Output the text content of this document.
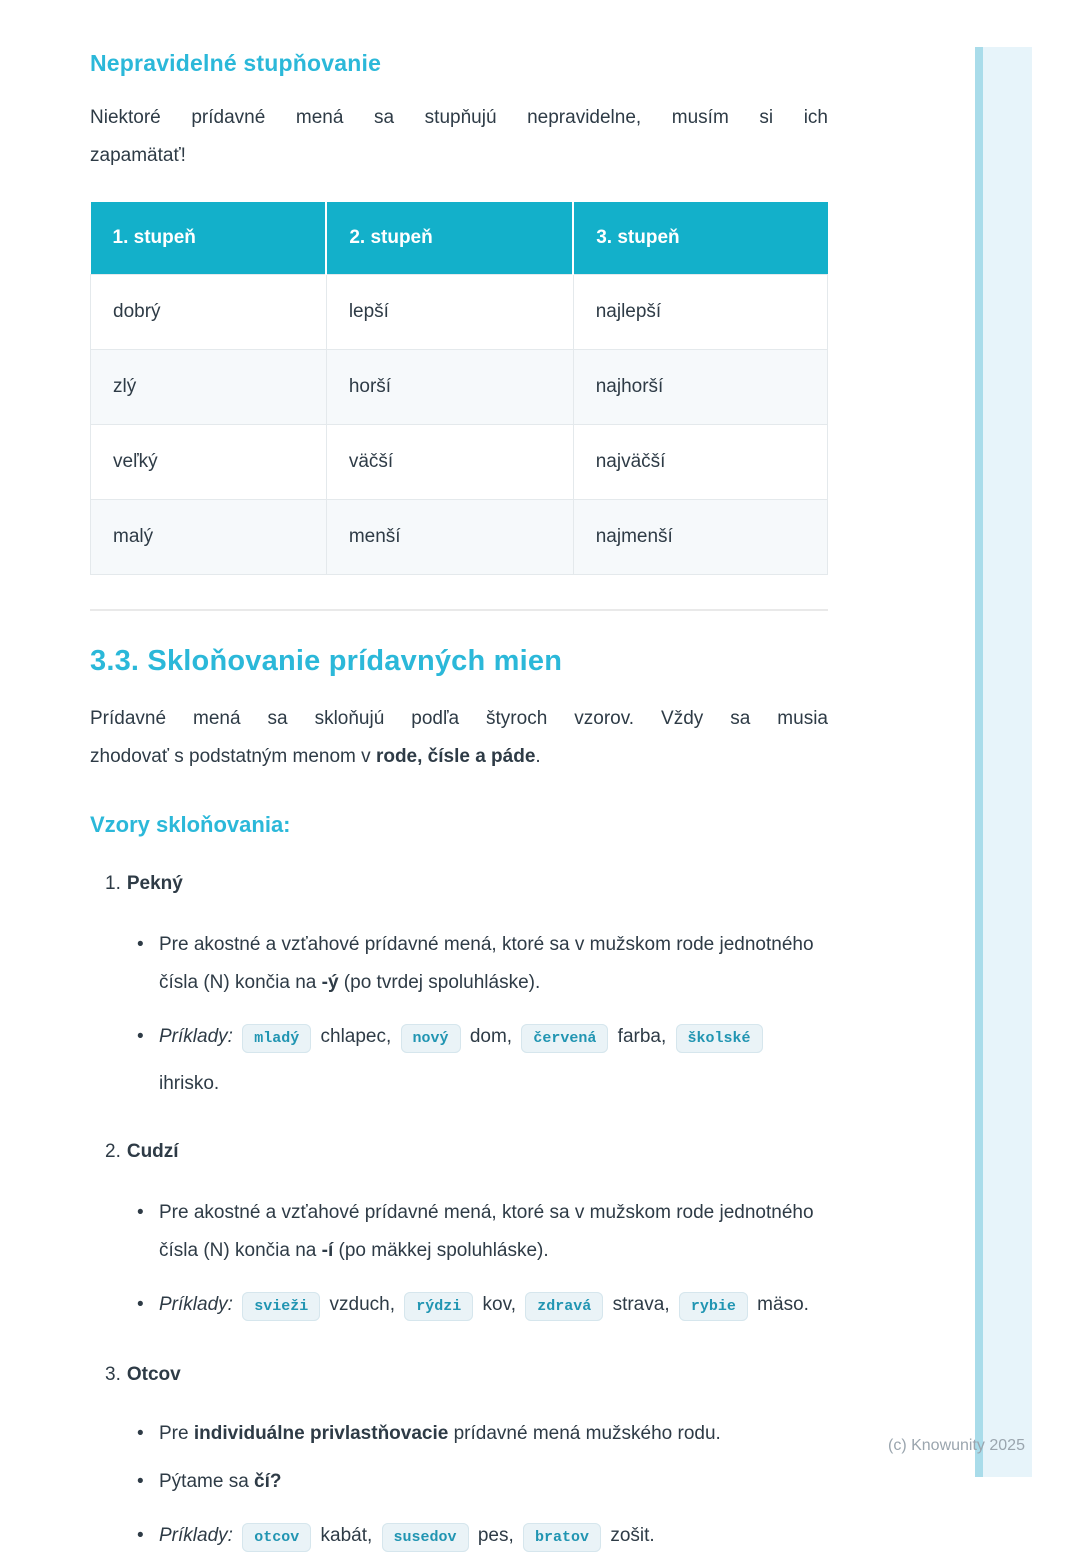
Nepravidelné stupňovanie
Niektoré prídavné mená sa stupňujú nepravidelne, musím si ich
zapamätať!
1. stupeň	2. stupeň	3. stupeň
dobrý	lepší	najlepší
zlý	horší	najhorší
veľký	väčší	najväčší
malý	menší	najmenší
3.3. Skloňovanie prídavných mien
Prídavné mená sa skloňujú podľa štyroch vzorov. Vždy sa musia
zhodovať s podstatným menom v rode, čísle a páde.
Vzory skloňovania:
1. Pekný
•
Pre akostné a vzťahové prídavné mená, ktoré sa v mužskom rode jednotného čísla (N) končia na -ý (po tvrdej spoluhláske).
•
Príklady: mladý chlapec, nový dom, červená farba, školské ihrisko.
2. Cudzí
•
Pre akostné a vzťahové prídavné mená, ktoré sa v mužskom rode jednotného čísla (N) končia na -í (po mäkkej spoluhláske).
•
Príklady: svieži vzduch, rýdzi kov, zdravá strava, rybie mäso.
3. Otcov
•
Pre individuálne privlastňovacie prídavné mená mužského rodu.
•
Pýtame sa čí?
•
Príklady: otcov kabát, susedov pes, bratov zošit.
(c) Knowunity 2025
